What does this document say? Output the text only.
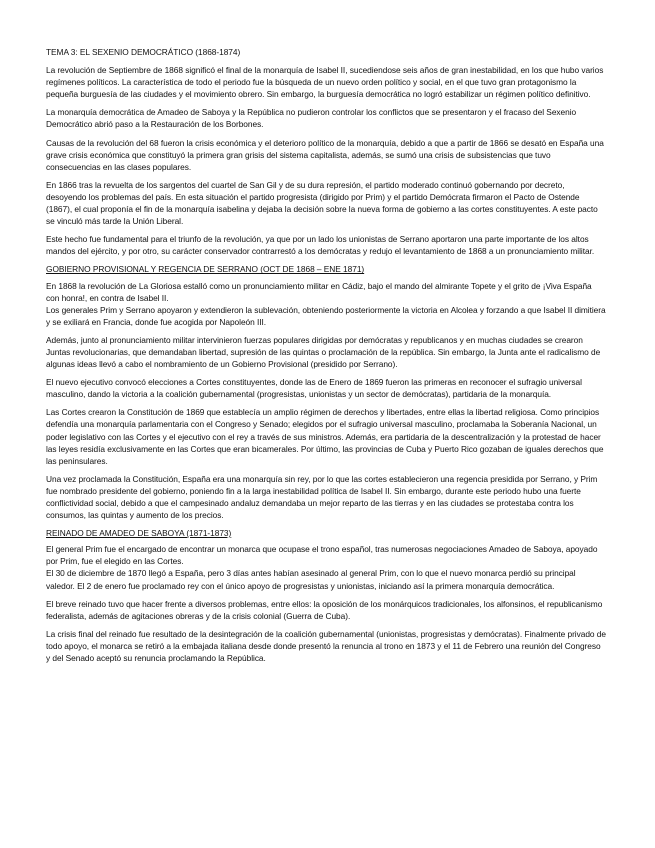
TEMA 3: EL SEXENIO DEMOCRÁTICO (1868-1874)

La revolución de Septiembre de 1868 significó el final de la monarquía de Isabel II, sucediendose seis años de gran inestabilidad, en los que hubo varios regímenes políticos. La característica de todo el periodo fue la búsqueda de un nuevo orden político y social, en el que tuvo gran protagonismo la pequeña burguesía de las ciudades y el movimiento obrero. Sin embargo, la burguesía democrática no logró estabilizar un régimen político definitivo.

La monarquía democrática de Amadeo de Saboya y la República no pudieron controlar los conflictos que se presentaron y el fracaso del Sexenio Democrático abrió paso a la Restauración de los Borbones.

Causas de la revolución del 68 fueron la crisis económica y el deterioro político de la monarquía, debido a que a partir de 1866 se desató en España una grave crisis económica que constituyó la primera gran grisis del sistema capitalista, además, se sumó una crisis de subsistencias que tuvo consecuencias en las clases populares.

En 1866 tras la revuelta de los sargentos del cuartel de San Gil y de su dura represión, el partido moderado continuó gobernando por decreto, desoyendo los problemas del país. En esta situación el partido progresista (dirigido por Prim) y el partido Demócrata firmaron el Pacto de Ostende (1867), el cual proponía el fin de la monarquía isabelina y dejaba la decisión sobre la nueva forma de gobierno a las cortes constituyentes. A este pacto se vinculó más tarde la Unión Liberal.

Este hecho fue fundamental para el triunfo de la revolución, ya que por un lado los unionistas de Serrano aportaron una parte importante de los altos mandos del ejército, y por otro, su carácter conservador contrarrestó a los demócratas y redujo el levantamiento de 1868 a un pronunciamiento militar.

GOBIERNO PROVISIONAL Y REGENCIA DE SERRANO (OCT DE 1868 – ENE 1871)

En 1868 la revolución de La Gloriosa estalló como un pronunciamiento militar en Cádiz, bajo el mando del almirante Topete y el grito de ¡Viva España con honra!, en contra de Isabel II.

Los generales Prim y Serrano apoyaron y extendieron la sublevación, obteniendo posteriormente la victoria en Alcolea y forzando a que Isabel II dimitiera y se exiliará en Francia, donde fue acogida por Napoleón III.

Además, junto al pronunciamiento militar intervinieron fuerzas populares dirigidas por demócratas y republicanos y en muchas ciudades se crearon Juntas revolucionarias, que demandaban libertad, supresión de las quintas o proclamación de la república. Sin embargo, la Junta ante el radicalismo de algunas ideas llevó a cabo el nombramiento de un Gobierno Provisional (presidido por Serrano).

El nuevo ejecutivo convocó elecciones a Cortes constituyentes, donde las de Enero de 1869 fueron las primeras en reconocer el sufragio universal masculino, dando la victoria a la coalición gubernamental (progresistas, unionistas y un sector de demócratas), partidaria de la monarquía.

Las Cortes crearon la Constitución de 1869 que establecía un amplio régimen de derechos y libertades, entre ellas la libertad religiosa. Como principios defendía una monarquía parlamentaria con el Congreso y Senado; elegidos por el sufragio universal masculino, proclamaba la Soberanía Nacional, un poder legislativo con las Cortes y el ejecutivo con el rey a través de sus ministros. Además, era partidaria de la descentralización y la protestad de hacer las leyes residía exclusivamente en las Cortes que eran bicamerales. Por último, las provincias de Cuba y Puerto Rico gozaban de iguales derechos que las peninsulares.

Una vez proclamada la Constitución, España era una monarquía sin rey, por lo que las cortes establecieron una regencia presidida por Serrano, y Prim fue nombrado presidente del gobierno, poniendo fin a la larga inestabilidad política de Isabel II. Sin embargo, durante este periodo hubo una fuerte conflictividad social, debido a que el campesinado andaluz demandaba un mejor reparto de las tierras y en las ciudades se protestaba contra los consumos, las quintas y aumento de los precios.

REINADO DE AMADEO DE SABOYA (1871-1873)

El general Prim fue el encargado de encontrar un monarca que ocupase el trono español, tras numerosas negociaciones Amadeo de Saboya, apoyado por Prim, fue el elegido en las Cortes.

El 30 de diciembre de 1870 llegó a España, pero 3 días antes habían asesinado al general Prim, con lo que el nuevo monarca perdió su principal valedor. El 2 de enero fue proclamado rey con el único apoyo de progresistas y unionistas, iniciando así la primera monarquía democrática.

El breve reinado tuvo que hacer frente a diversos problemas, entre ellos: la oposición de los monárquicos tradicionales, los alfonsinos, el republicanismo federalista, además de agitaciones obreras y de la crisis colonial (Guerra de Cuba).

La crisis final del reinado fue resultado de la desintegración de la coalición gubernamental (unionistas, progresistas y demócratas). Finalmente privado de todo apoyo, el monarca se retiró a la embajada italiana desde donde presentó la renuncia al trono en 1873 y el 11 de Febrero una reunión del Congreso y del Senado aceptó su renuncia proclamando la República.
